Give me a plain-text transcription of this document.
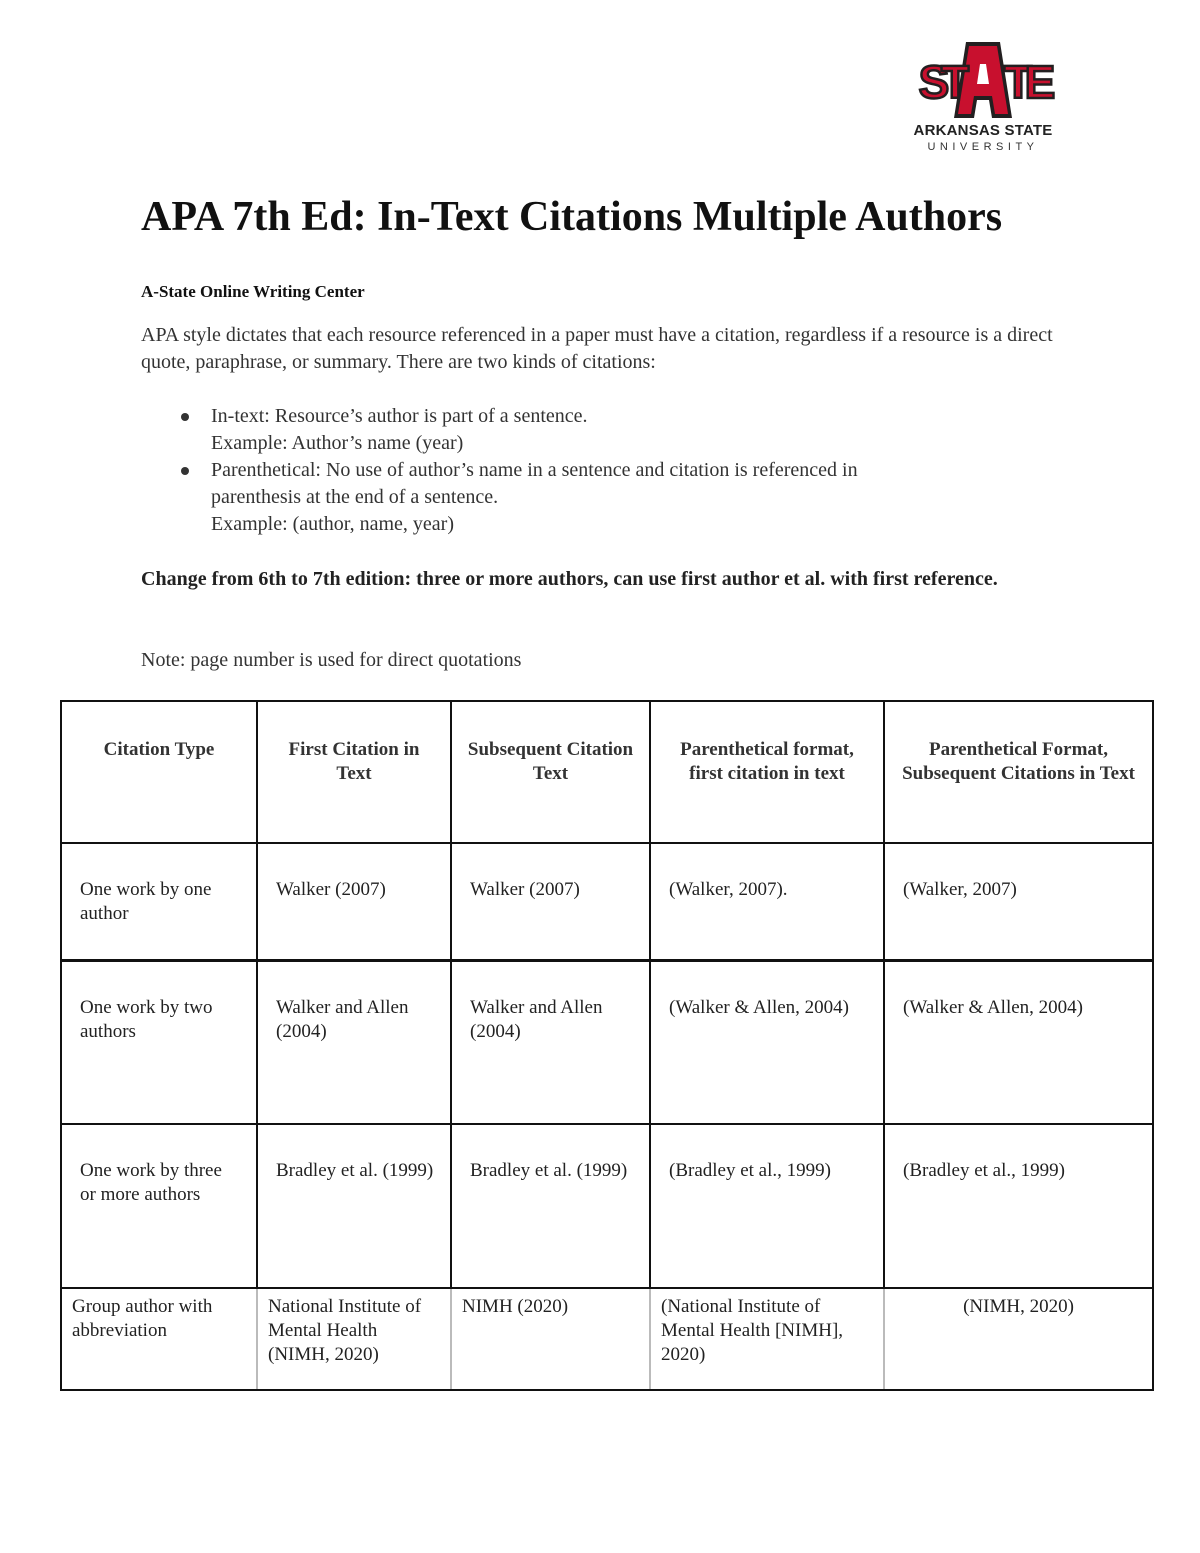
S
T T
E
ARKANSAS STATE
UNIVERSITY
APA 7th Ed: In-Text Citations Multiple Authors

A-State Online Writing Center

APA style dictates that each resource referenced in a paper must have a citation, regardless if a resource is a direct quote, paraphrase, or summary. There are two kinds of citations:

In-text: Resource’s author is part of a sentence.
Example: Author’s name (year)
Parenthetical: No use of author’s name in a sentence and citation is referenced in
parenthesis at the end of a sentence.
Example: (author, name, year)

Change from 6th to 7th edition: three or more authors, can use first author et al. with first reference.

Note: page number is used for direct quotations

Citation Type	First Citation in Text	Subsequent Citation Text	Parenthetical format, first citation in text	Parenthetical Format, Subsequent Citations in Text
One work by one author	Walker (2007)	Walker (2007)	(Walker, 2007).	(Walker, 2007)
One work by two authors	Walker and Allen (2004)	Walker and Allen (2004)	(Walker & Allen, 2004)	(Walker & Allen, 2004)
One work by three or more authors	Bradley et al. (1999)	Bradley et al. (1999)	(Bradley et al., 1999)	(Bradley et al., 1999)
Group author with abbreviation	National Institute of Mental Health (NIMH, 2020)	NIMH (2020)	(National Institute of Mental Health [NIMH], 2020)	(NIMH, 2020)
